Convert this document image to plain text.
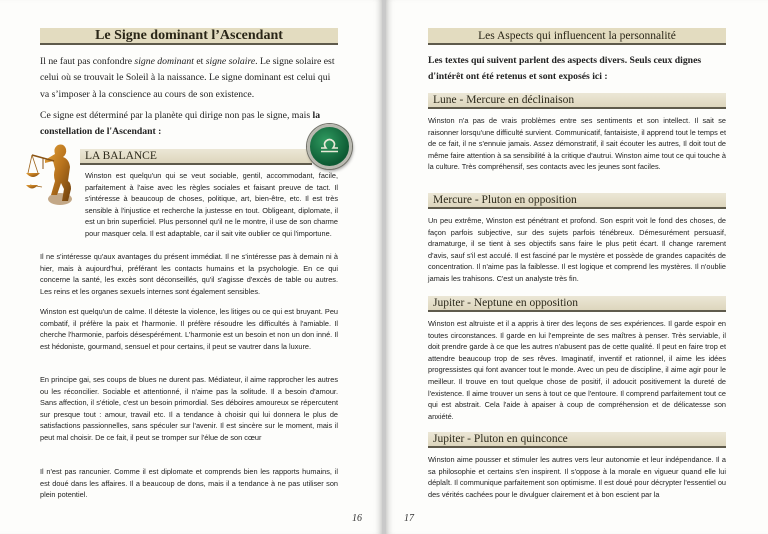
Le Signe dominant l’Ascendant
Il ne faut pas confondre signe dominant et signe solaire. Le signe solaire est celui où se trouvait le Soleil à la naissance. Le signe dominant est celui qui va s’imposer à la conscience au cours de son existence.
Ce signe est déterminé par la planète qui dirige non pas le signe, mais la constellation de l'Ascendant :
LA BALANCE
Winston est quelqu'un qui se veut sociable, gentil, accommodant, facile, parfaitement à l'aise avec les règles sociales et faisant preuve de tact. Il s'intéresse à beaucoup de choses, politique, art, bien-être, etc. Il est très sensible à l'injustice et recherche la justesse en tout. Obligeant, diplomate, il est un brin superficiel. Plus personnel qu'il ne le montre, il use de son charme pour masquer cela. Il est adaptable, car il sait vite oublier ce qui l'importune.
Il ne s'intéresse qu'aux avantages du présent immédiat. Il ne s'intéresse pas à demain ni à hier, mais à aujourd'hui, préférant les contacts humains et la psychologie. En ce qui concerne la santé, les excès sont déconseillés, qu'il s'agisse d'excès de table ou autres. Les reins et les organes sexuels internes sont également sensibles.
Winston est quelqu'un de calme. Il déteste la violence, les litiges ou ce qui est bruyant. Peu combatif, il préfère la paix et l'harmonie. Il préfère résoudre les difficultés à l'amiable. Il cherche l'harmonie, parfois désespérément. L'harmonie est un besoin et non un don inné. Il est hédoniste, gourmand, sensuel et pour certains, il peut se vautrer dans la luxure.
En principe gai, ses coups de blues ne durent pas. Médiateur, il aime rapprocher les autres ou les réconcilier. Sociable et attentionné, il n'aime pas la solitude. Il a besoin d'amour. Sans affection, il s'étiole, c'est un besoin primordial. Ses déboires amoureux se répercutent sur presque tout : amour, travail etc. Il a tendance à choisir qui lui donnera le plus de satisfactions passionnelles, sans spéculer sur l'avenir. Il est sincère sur le moment, mais il peut mal choisir. De ce fait, il peut se tromper sur l'élue de son cœur
Il n'est pas rancunier. Comme il est diplomate et comprends bien les rapports humains, il est doué dans les affaires. Il a beaucoup de dons, mais il a tendance à ne pas utiliser son plein potentiel.
16
Les Aspects qui influencent la personnalité
Les textes qui suivent parlent des aspects divers. Seuls ceux dignes d'intérêt ont été retenus et sont exposés ici :
Lune - Mercure en déclinaison
Winston n'a pas de vrais problèmes entre ses sentiments et son intellect. Il sait se raisonner lorsqu'une difficulté survient. Communicatif, fantaisiste, il apprend tout le temps et de ce fait, il ne s'ennuie jamais. Assez démonstratif, il sait écouter les autres, Il doit tout de même faire attention à sa sensibilité à la critique d'autrui. Winston aime tout ce qui touche à la culture. Très compréhensif, ses contacts avec les jeunes sont faciles.
Mercure - Pluton en opposition
Un peu extrême, Winston est pénétrant et profond. Son esprit voit le fond des choses, de façon parfois subjective, sur des sujets parfois ténébreux. Démesurément persuasif, dramaturge, il se tient à ses objectifs sans faire le plus petit écart. Il change rarement d'avis, sauf s'il est acculé. Il est fasciné par le mystère et possède de grandes capacités de concentration. Il n'aime pas la faiblesse. Il est logique et comprend les mystères. Il n'oublie jamais les trahisons. C'est un analyste très fin.
Jupiter - Neptune en opposition
Winston est altruiste et il a appris à tirer des leçons de ses expériences. Il garde espoir en toutes circonstances. Il garde en lui l'empreinte de ses maîtres à penser. Très serviable, il doit prendre garde à ce que les autres n'abusent pas de cette qualité. Il peut en faire trop et attendre beaucoup trop de ses rêves. Imaginatif, inventif et rationnel, il aime les idées progressistes qui font avancer tout le monde. Avec un peu de discipline, il aime agir pour le meilleur. Il trouve en tout quelque chose de positif, il adoucit positivement la dureté de l'existence. Il aime trouver un sens à tout ce que l'entoure. Il comprend parfaitement tout ce qui est abstrait. Cela l'aide à apaiser à coup de compréhension et de délicatesse son anxiété.
Jupiter - Pluton en quinconce
Winston aime pousser et stimuler les autres vers leur autonomie et leur indépendance. Il a sa philosophie et certains s'en inspirent. Il s'oppose à la morale en vigueur quand elle lui déplaît. Il communique parfaitement son optimisme. Il est doué pour décrypter l'essentiel ou des vérités cachées pour le divulguer clairement et à bon escient par la
17
